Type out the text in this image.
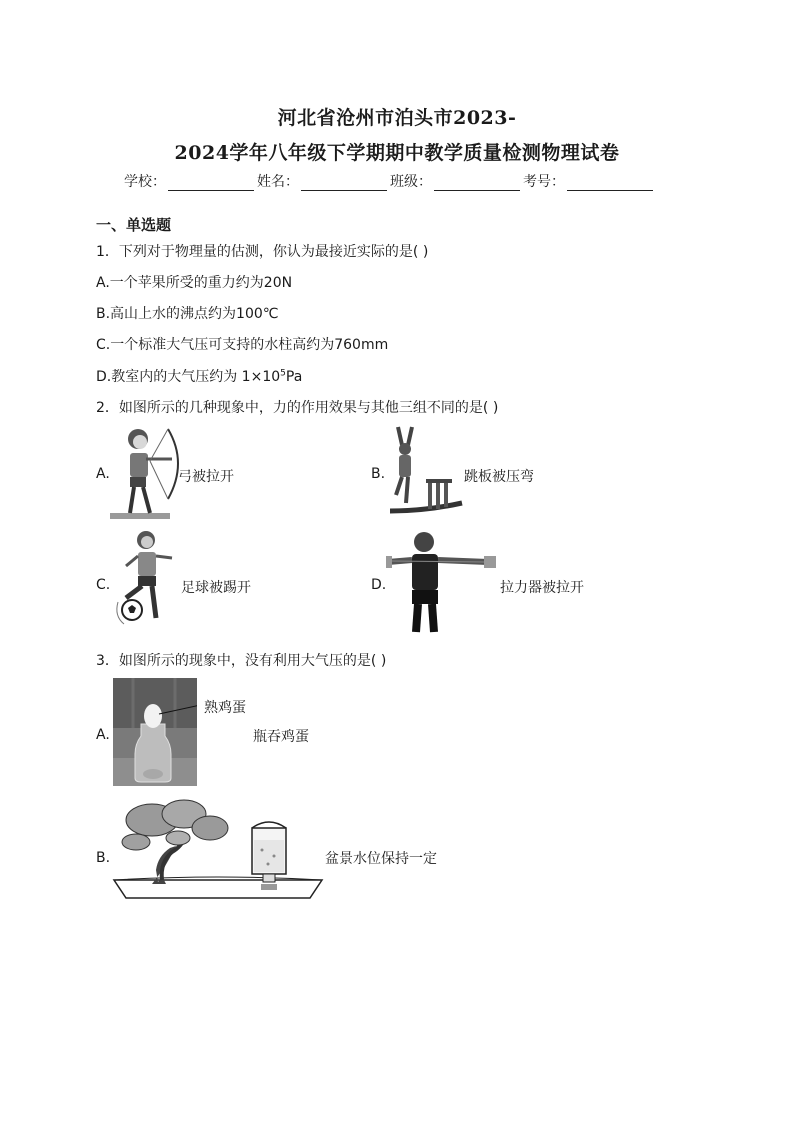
河北省沧州市泊头市2023-
2024学年八年级下学期期中教学质量检测物理试卷
学校：	姓名：	班级：	考号：
一、单选题
1．下列对于物理量的估测，你认为最接近实际的是( )
A.一个苹果所受的重力约为20N
B.高山上水的沸点约为100℃
C.一个标准大气压可支持的水柱高约为760mm
D.教室内的大气压约为 $1\times 10^5Pa$
2．如图所示的几种现象中，力的作用效果与其他三组不同的是( )
A.	弓被拉开	B.	跳板被压弯
C.	足球被踢开	D.	拉力器被拉开
3．如图所示的现象中，没有利用大气压的是( )
A.
熟鸡蛋
瓶吞鸡蛋
B.	盆景水位保持一定
